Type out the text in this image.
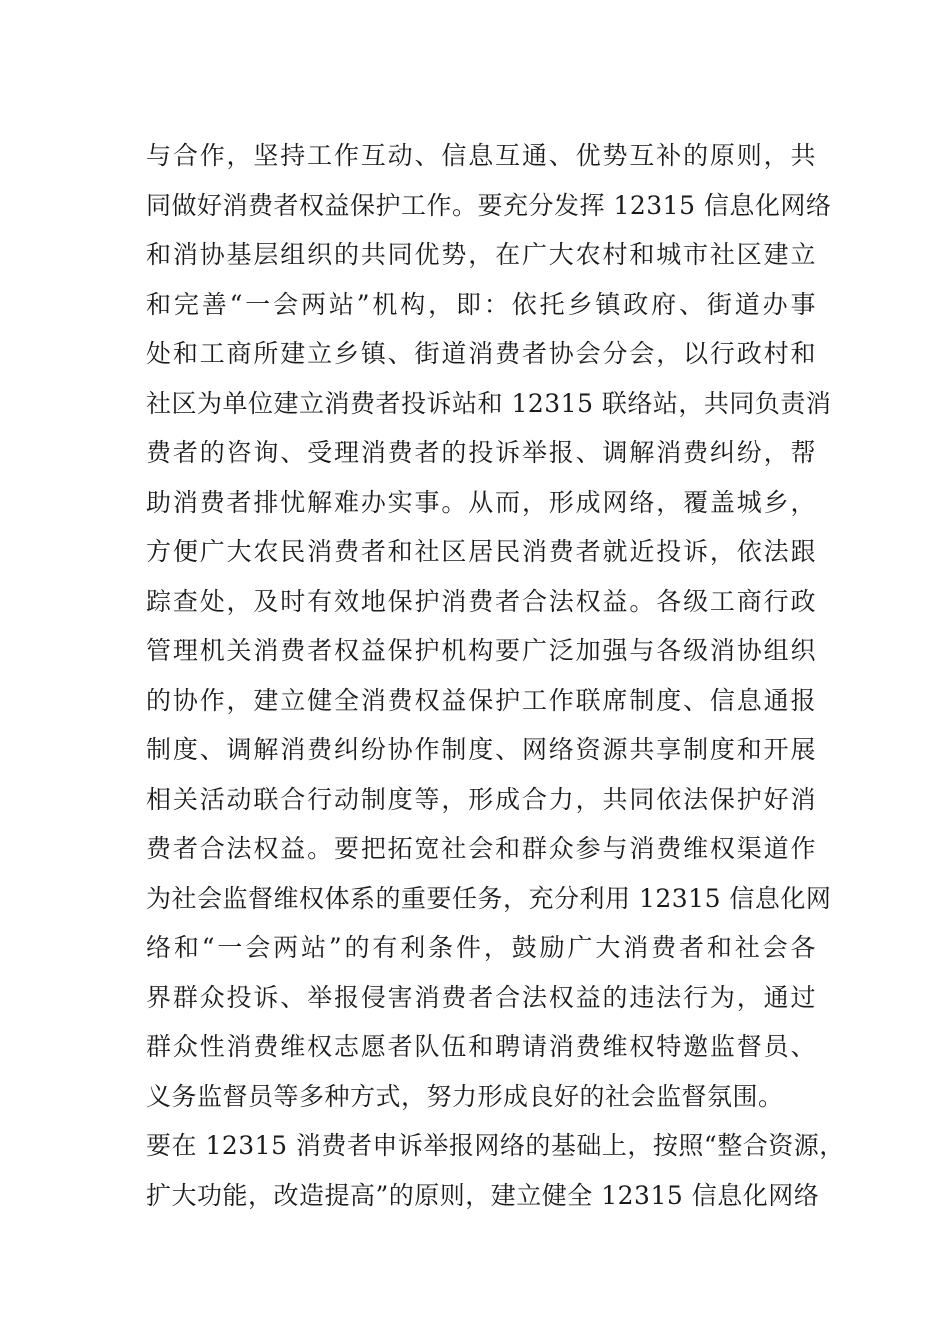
与合作，坚持工作互动、信息互通、优势互补的原则，共
同做好消费者权益保护工作。要充分发挥 12315 信息化网络
和消协基层组织的共同优势，在广大农村和城市社区建立
和完善“一会两站”机构，即：依托乡镇政府、街道办事
处和工商所建立乡镇、街道消费者协会分会，以行政村和
社区为单位建立消费者投诉站和 12315 联络站，共同负责消
费者的咨询、受理消费者的投诉举报、调解消费纠纷，帮
助消费者排忧解难办实事。从而，形成网络，覆盖城乡，
方便广大农民消费者和社区居民消费者就近投诉，依法跟
踪查处，及时有效地保护消费者合法权益。各级工商行政
管理机关消费者权益保护机构要广泛加强与各级消协组织
的协作，建立健全消费权益保护工作联席制度、信息通报
制度、调解消费纠纷协作制度、网络资源共享制度和开展
相关活动联合行动制度等，形成合力，共同依法保护好消
费者合法权益。要把拓宽社会和群众参与消费维权渠道作
为社会监督维权体系的重要任务，充分利用 12315 信息化网
络和“一会两站”的有利条件，鼓励广大消费者和社会各
界群众投诉、举报侵害消费者合法权益的违法行为，通过
群众性消费维权志愿者队伍和聘请消费维权特邀监督员、
义务监督员等多种方式，努力形成良好的社会监督氛围。
要在 12315 消费者申诉举报网络的基础上，按照“整合资源，
扩大功能，改造提高”的原则，建立健全 12315 信息化网络
